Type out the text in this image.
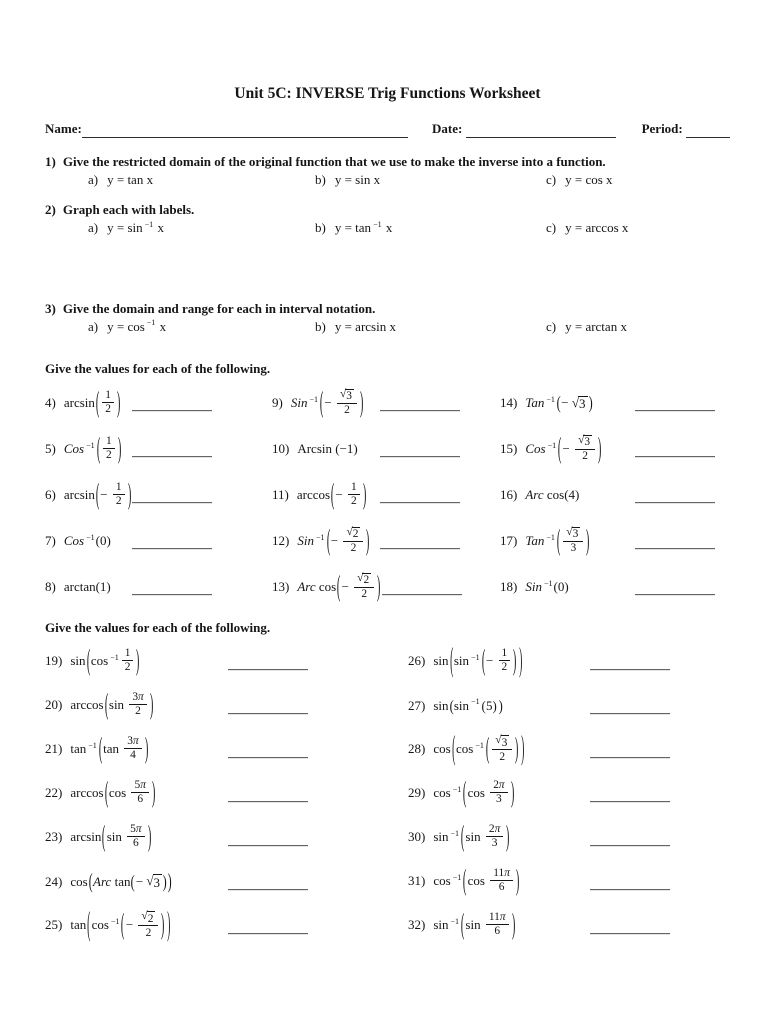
Unit 5C: INVERSE Trig Functions Worksheet
Name:	Date:
	Period:

1) Give the restricted domain of the original function that we use to make the inverse into a function.
a) y = tan x	b) y = sin x	c) y = cos x
2) Graph each with labels.
a) y = sin −1 x	b) y = tan −1 x	c) y = arccos x
3) Give the domain and range for each in interval notation.
a) y = cos −1 x	b) y = arcsin x	c) y = arctan x
Give the values for each of the following.
4) arcsin ( $\frac{1}{2}$ )	9) Sin −1 ( − $\frac{√ 3}{2}$ )	14) Tan −1 ( − √ 3 )
5) Cos −1 ( $\frac{1}{2}$ )	10) Arcsin (−1)	15) Cos −1 ( − $\frac{√ 3}{2}$ )
6) arcsin ( − $\frac{1}{2}$ )	11) arccos ( − $\frac{1}{2}$ )	16) Arc cos(4)
7) Cos −1 (0)	12) Sin −1 ( − $\frac{√ 2}{2}$ )	17) Tan −1 ( $\frac{√ 3}{3}$ )
8) arctan(1)	13) Arc cos ( − $\frac{√ 2}{2}$ )	18) Sin −1 (0)
Give the values for each of the following.
19) sin ( $\cos -1 \frac{1}{2}$ )	26) sin ( sin −1 ( − $\frac{1}{2}$ ) )
20) arccos ( $\sin \frac{3\pi}{2}$ )	27) sin ( sin −1 ( 5 ) )
21) tan −1 ( $\tan \frac{3\pi}{4}$ )	28) cos ( cos −1 ( $\frac{√ 3}{2}$ ) )
22) arccos ( $\cos \frac{5\pi}{6}$ )	29) cos −1 ( $\cos \frac{2\pi}{3}$ )
23) arcsin ( $\sin \frac{5\pi}{6}$ )	30) sin −1 ( $\sin \frac{2\pi}{3}$ )
24) cos ( Arc tan ( − √ 3 ) )	31) cos −1 ( $\cos \frac{11\pi}{6}$ )
25) tan ( cos −1 ( − $\frac{√ 2}{2}$ ) )	32) sin −1 ( $\sin \frac{11\pi}{6}$ )
